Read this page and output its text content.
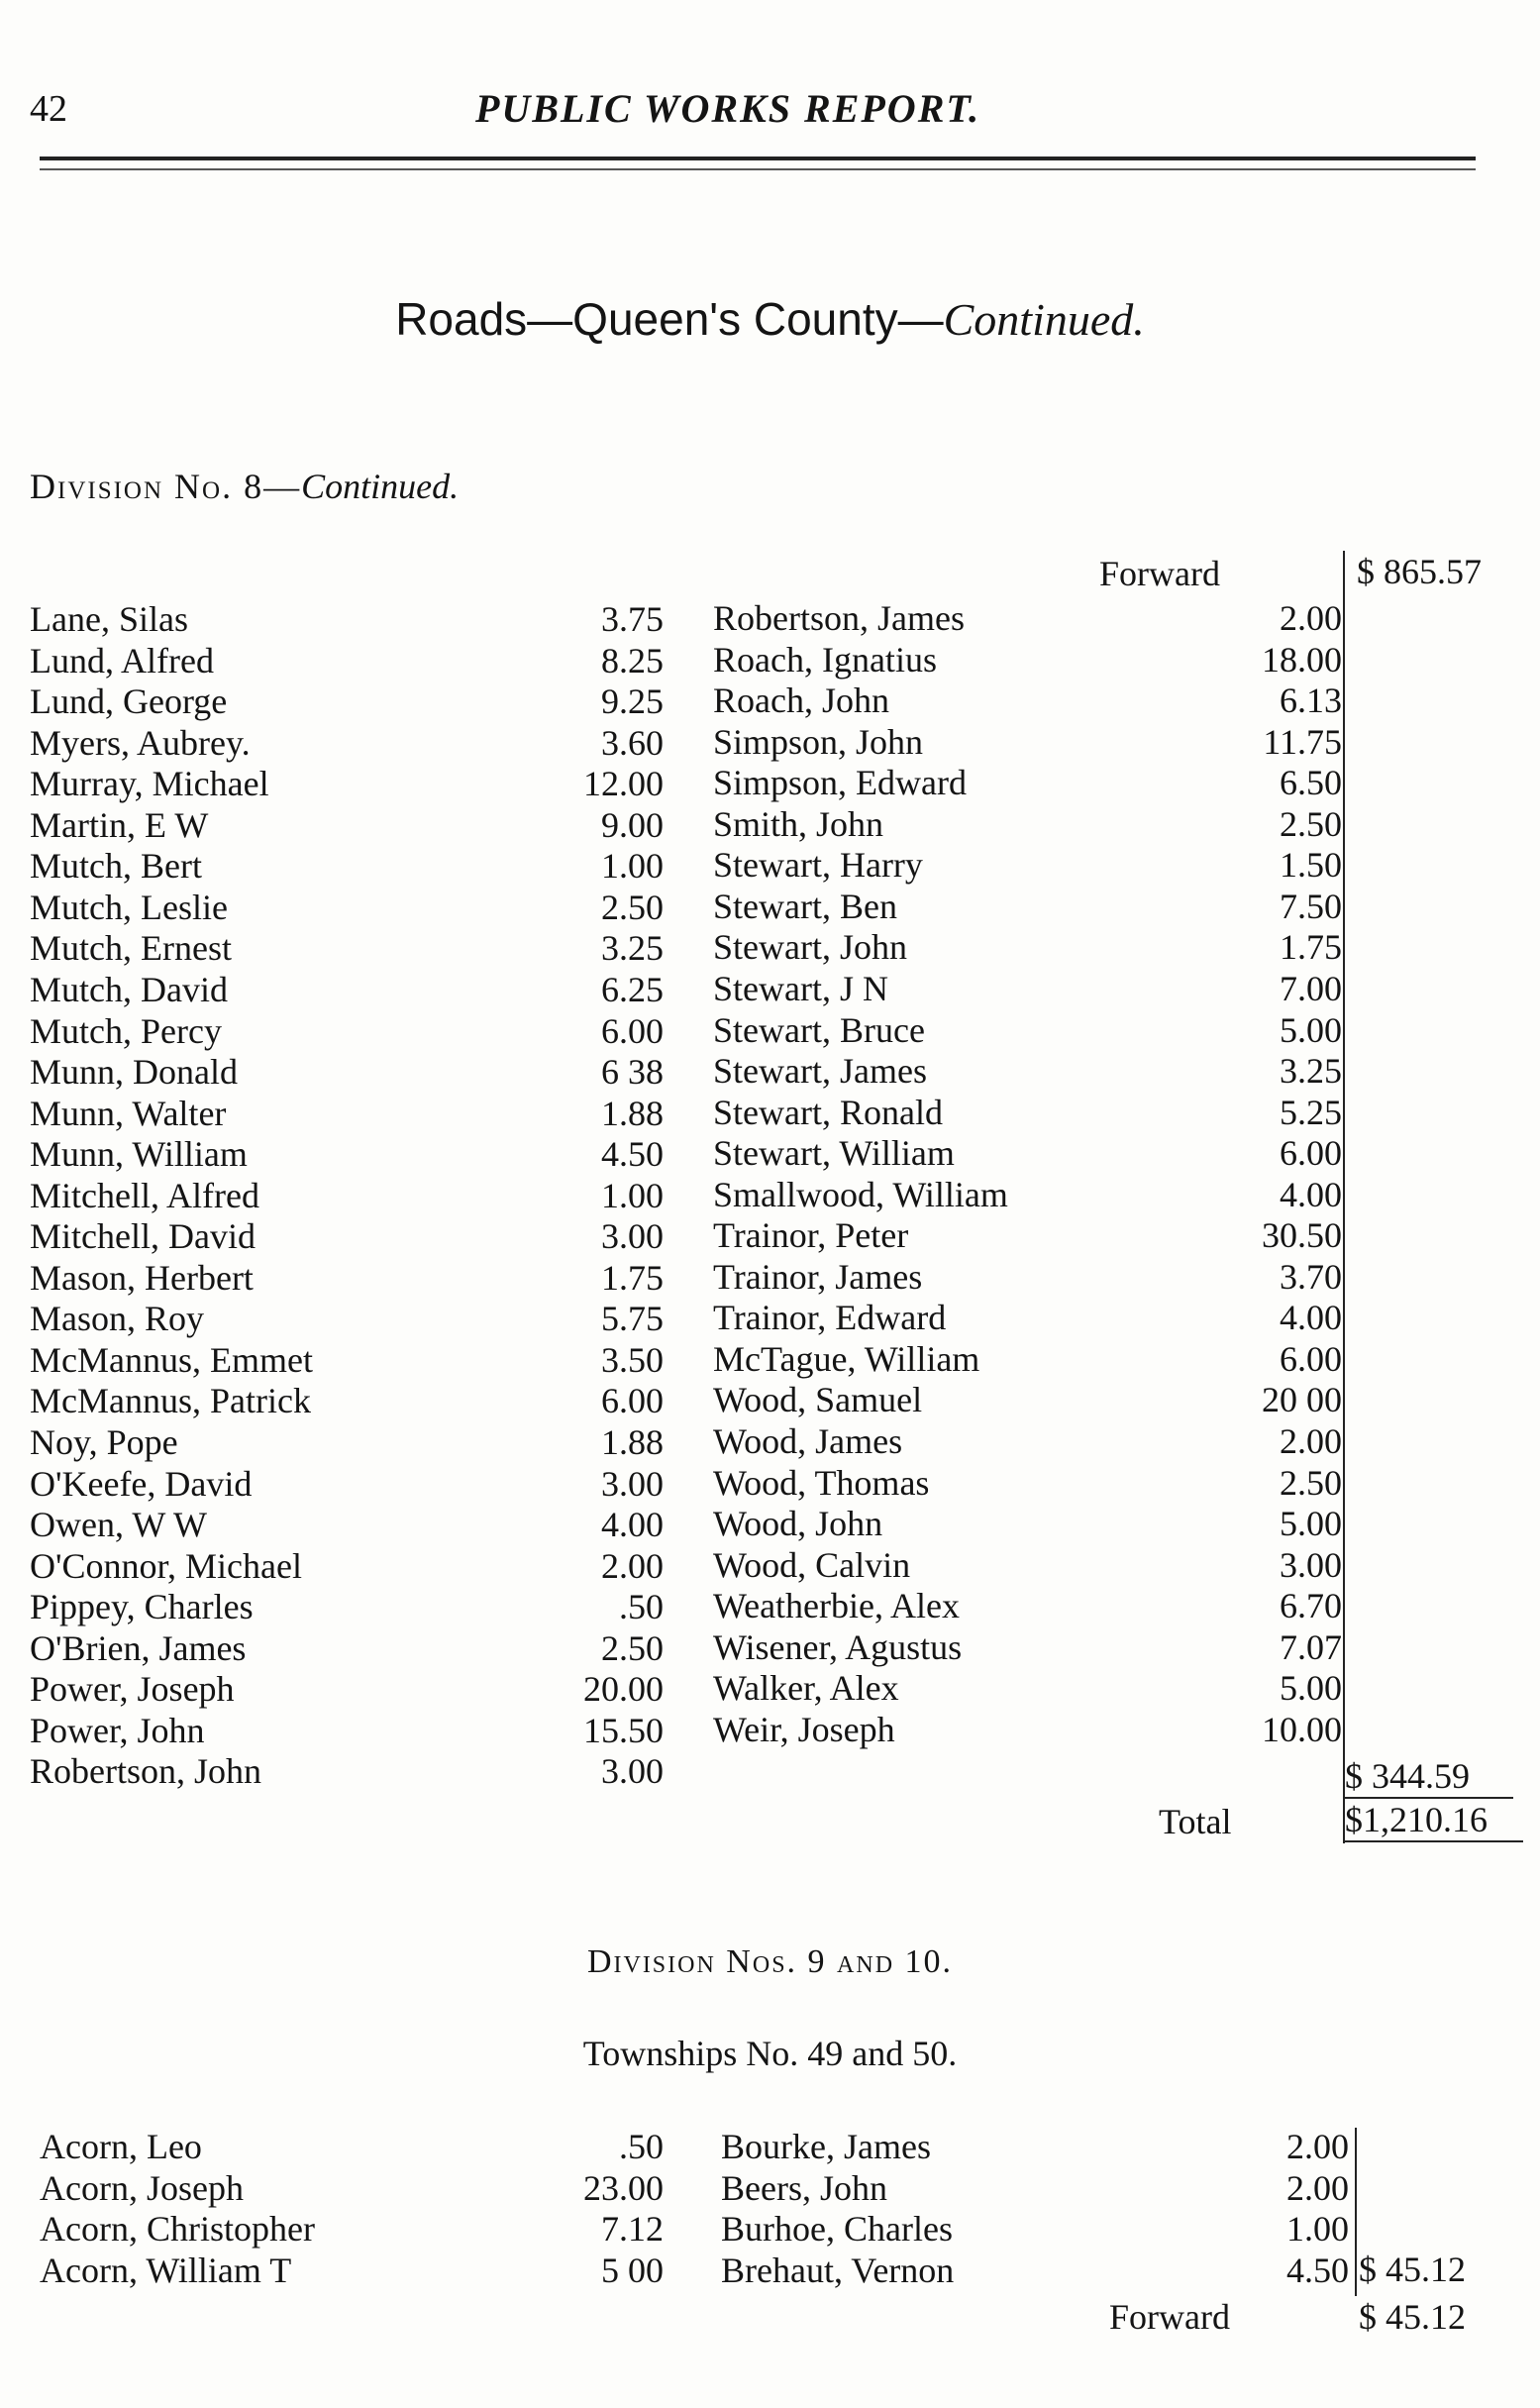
42	PUBLIC WORKS REPORT.
Roads—Queen's County—Continued.
Division No. 8—Continued.
Forward	$ 865.57
Lane, Silas	3.75
Lund, Alfred	8.25
Lund, George	9.25
Myers, Aubrey.	3.60
Murray, Michael	12.00
Martin, E W	9.00
Mutch, Bert	1.00
Mutch, Leslie	2.50
Mutch, Ernest	3.25
Mutch, David	6.25
Mutch, Percy	6.00
Munn, Donald	6 38
Munn, Walter	1.88
Munn, William	4.50
Mitchell, Alfred	1.00
Mitchell, David	3.00
Mason, Herbert	1.75
Mason, Roy	5.75
McMannus, Emmet	3.50
McMannus, Patrick	6.00
Noy, Pope	1.88
O'Keefe, David	3.00
Owen, W W	4.00
O'Connor, Michael	2.00
Pippey, Charles	.50
O'Brien, James	2.50
Power, Joseph	20.00
Power, John	15.50
Robertson, John	3.00
Robertson, James	2.00
Roach, Ignatius	18.00
Roach, John	6.13
Simpson, John	11.75
Simpson, Edward	6.50
Smith, John	2.50
Stewart, Harry	1.50
Stewart, Ben	7.50
Stewart, John	1.75
Stewart, J N	7.00
Stewart, Bruce	5.00
Stewart, James	3.25
Stewart, Ronald	5.25
Stewart, William	6.00
Smallwood, William	4.00
Trainor, Peter	30.50
Trainor, James	3.70
Trainor, Edward	4.00
McTague, William	6.00
Wood, Samuel	20 00
Wood, James	2.00
Wood, Thomas	2.50
Wood, John	5.00
Wood, Calvin	3.00
Weatherbie, Alex	6.70
Wisener, Agustus	7.07
Walker, Alex	5.00
Weir, Joseph	10.00
$ 344.59
Total	$1,210.16
Division Nos. 9 and 10.
Townships No. 49 and 50.
Acorn, Leo	.50
Acorn, Joseph	23.00
Acorn, Christopher	7.12
Acorn, William T	5 00
Bourke, James	2.00
Beers, John	2.00
Burhoe, Charles	1.00
Brehaut, Vernon	4.50 $ 45.12
Forward	$ 45.12
